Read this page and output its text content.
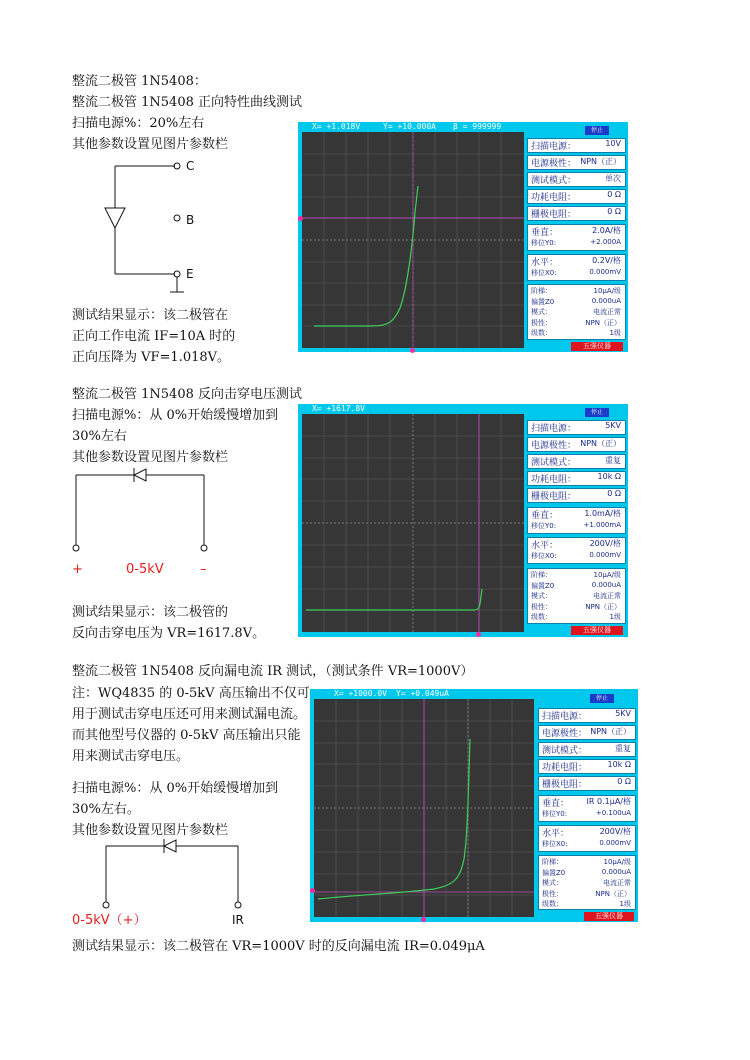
整流二极管 1N5408：
整流二极管 1N5408 正向特性曲线测试
扫描电源%：20%左右
其他参数设置见图片参数栏
C
B
E
测试结果显示：该二极管在
正向工作电流 IF=10A 时的
正向压降为 VF=1.018V。
X= +1.018V	Y= +10.000A β = 999999	停止
扫描电源：	10V
电源极性： NPN（正）
测试模式：	单次
功耗电阻：	0 Ω
栅极电阻：	0 Ω
垂直：	2.0A/格
移位Y0:	+2.000A
水平：	0.2V/格
移位X0:	0.000mV
阶梯：	10μA/级
偏置Z0	0.000uA
模式：	电流正常
极性：	NPN（正）
级数：	1级
五强仪器
整流二极管 1N5408 反向击穿电压测试
扫描电源%：从 0%开始缓慢增加到
30%左右
其他参数设置见图片参数栏
+	0-5kV	–
测试结果显示：该二极管的
反向击穿电压为 VR=1617.8V。
X= +1617.8V	停止
扫描电源：	5KV
电源极性： NPN（正）
测试模式：	重复
功耗电阻：	10k Ω
栅极电阻：	0 Ω
垂直：	1.0mA/格
移位Y0:	+1.000mA
水平：	200V/格
移位X0:	0.000mV
阶梯：	10μA/级
偏置Z0	0.000uA
模式：	电流正常
极性：	NPN（正）
级数：	1级
五强仪器
整流二极管 1N5408 反向漏电流 IR 测试，（测试条件 VR=1000V）
注：WQ4835 的 0-5kV 高压输出不仅可
用于测试击穿电压还可用来测试漏电流。
而其他型号仪器的 0-5kV 高压输出只能
用来测试击穿电压。
扫描电源%：从 0%开始缓慢增加到
30%左右。
其他参数设置见图片参数栏
0-5kV（+）	IR
测试结果显示：该二极管在 VR=1000V 时的反向漏电流 IR=0.049μA
X= +1000.0V Y= +0.049uA
停止
扫描电源：	5KV
电源极性： NPN（正）
测试模式：	重复
功耗电阻：	10k Ω
栅极电阻：	0 Ω
垂直： IR 0.1μA/格
移位Y0:	+0.100uA
水平：	200V/格
移位X0:	0.000mV
阶梯：	10μA/级
偏置Z0	0.000uA
模式：	电流正常
极性：	NPN（正）
级数：	1级
五强仪器
